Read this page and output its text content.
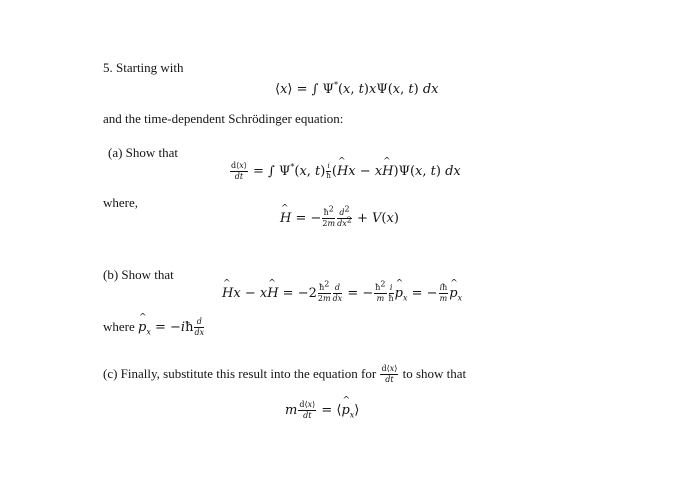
5. Starting with
⟨x⟩ = ∫ Ψ*(x, t)xΨ(x, t) dx
and the time-dependent Schrödinger equation:
(a) Show that
$\frac{d⟨x⟩}{dt}$ = ∫ Ψ*(x, $t) \frac{i}{ħ} (H$ ^x − xH ^)Ψ(x, t) dx
where,
H ^ = − $\frac{ħ^2}{2m} \frac{d^2}{dx^2} + V(x)$
(b) Show that
H ^x − xH ^ = $-2 \frac{ħ^2}{2m} \frac{d}{dx}$ = − $\frac{ħ^2}{m} \frac{i}{ħ}$ p $\^{}_x$ = − $\frac{iħ}{m}$ p $\^{}_x$
where p $\^{}_x$ = −iħ $\frac{d}{dx}$
(c) Finally, substitute this result into the equation for $\frac{d⟨x⟩}{dt}$ to show that
m $\frac{d⟨x⟩}{dt}$ = ⟨p $\^{}_x⟩$
